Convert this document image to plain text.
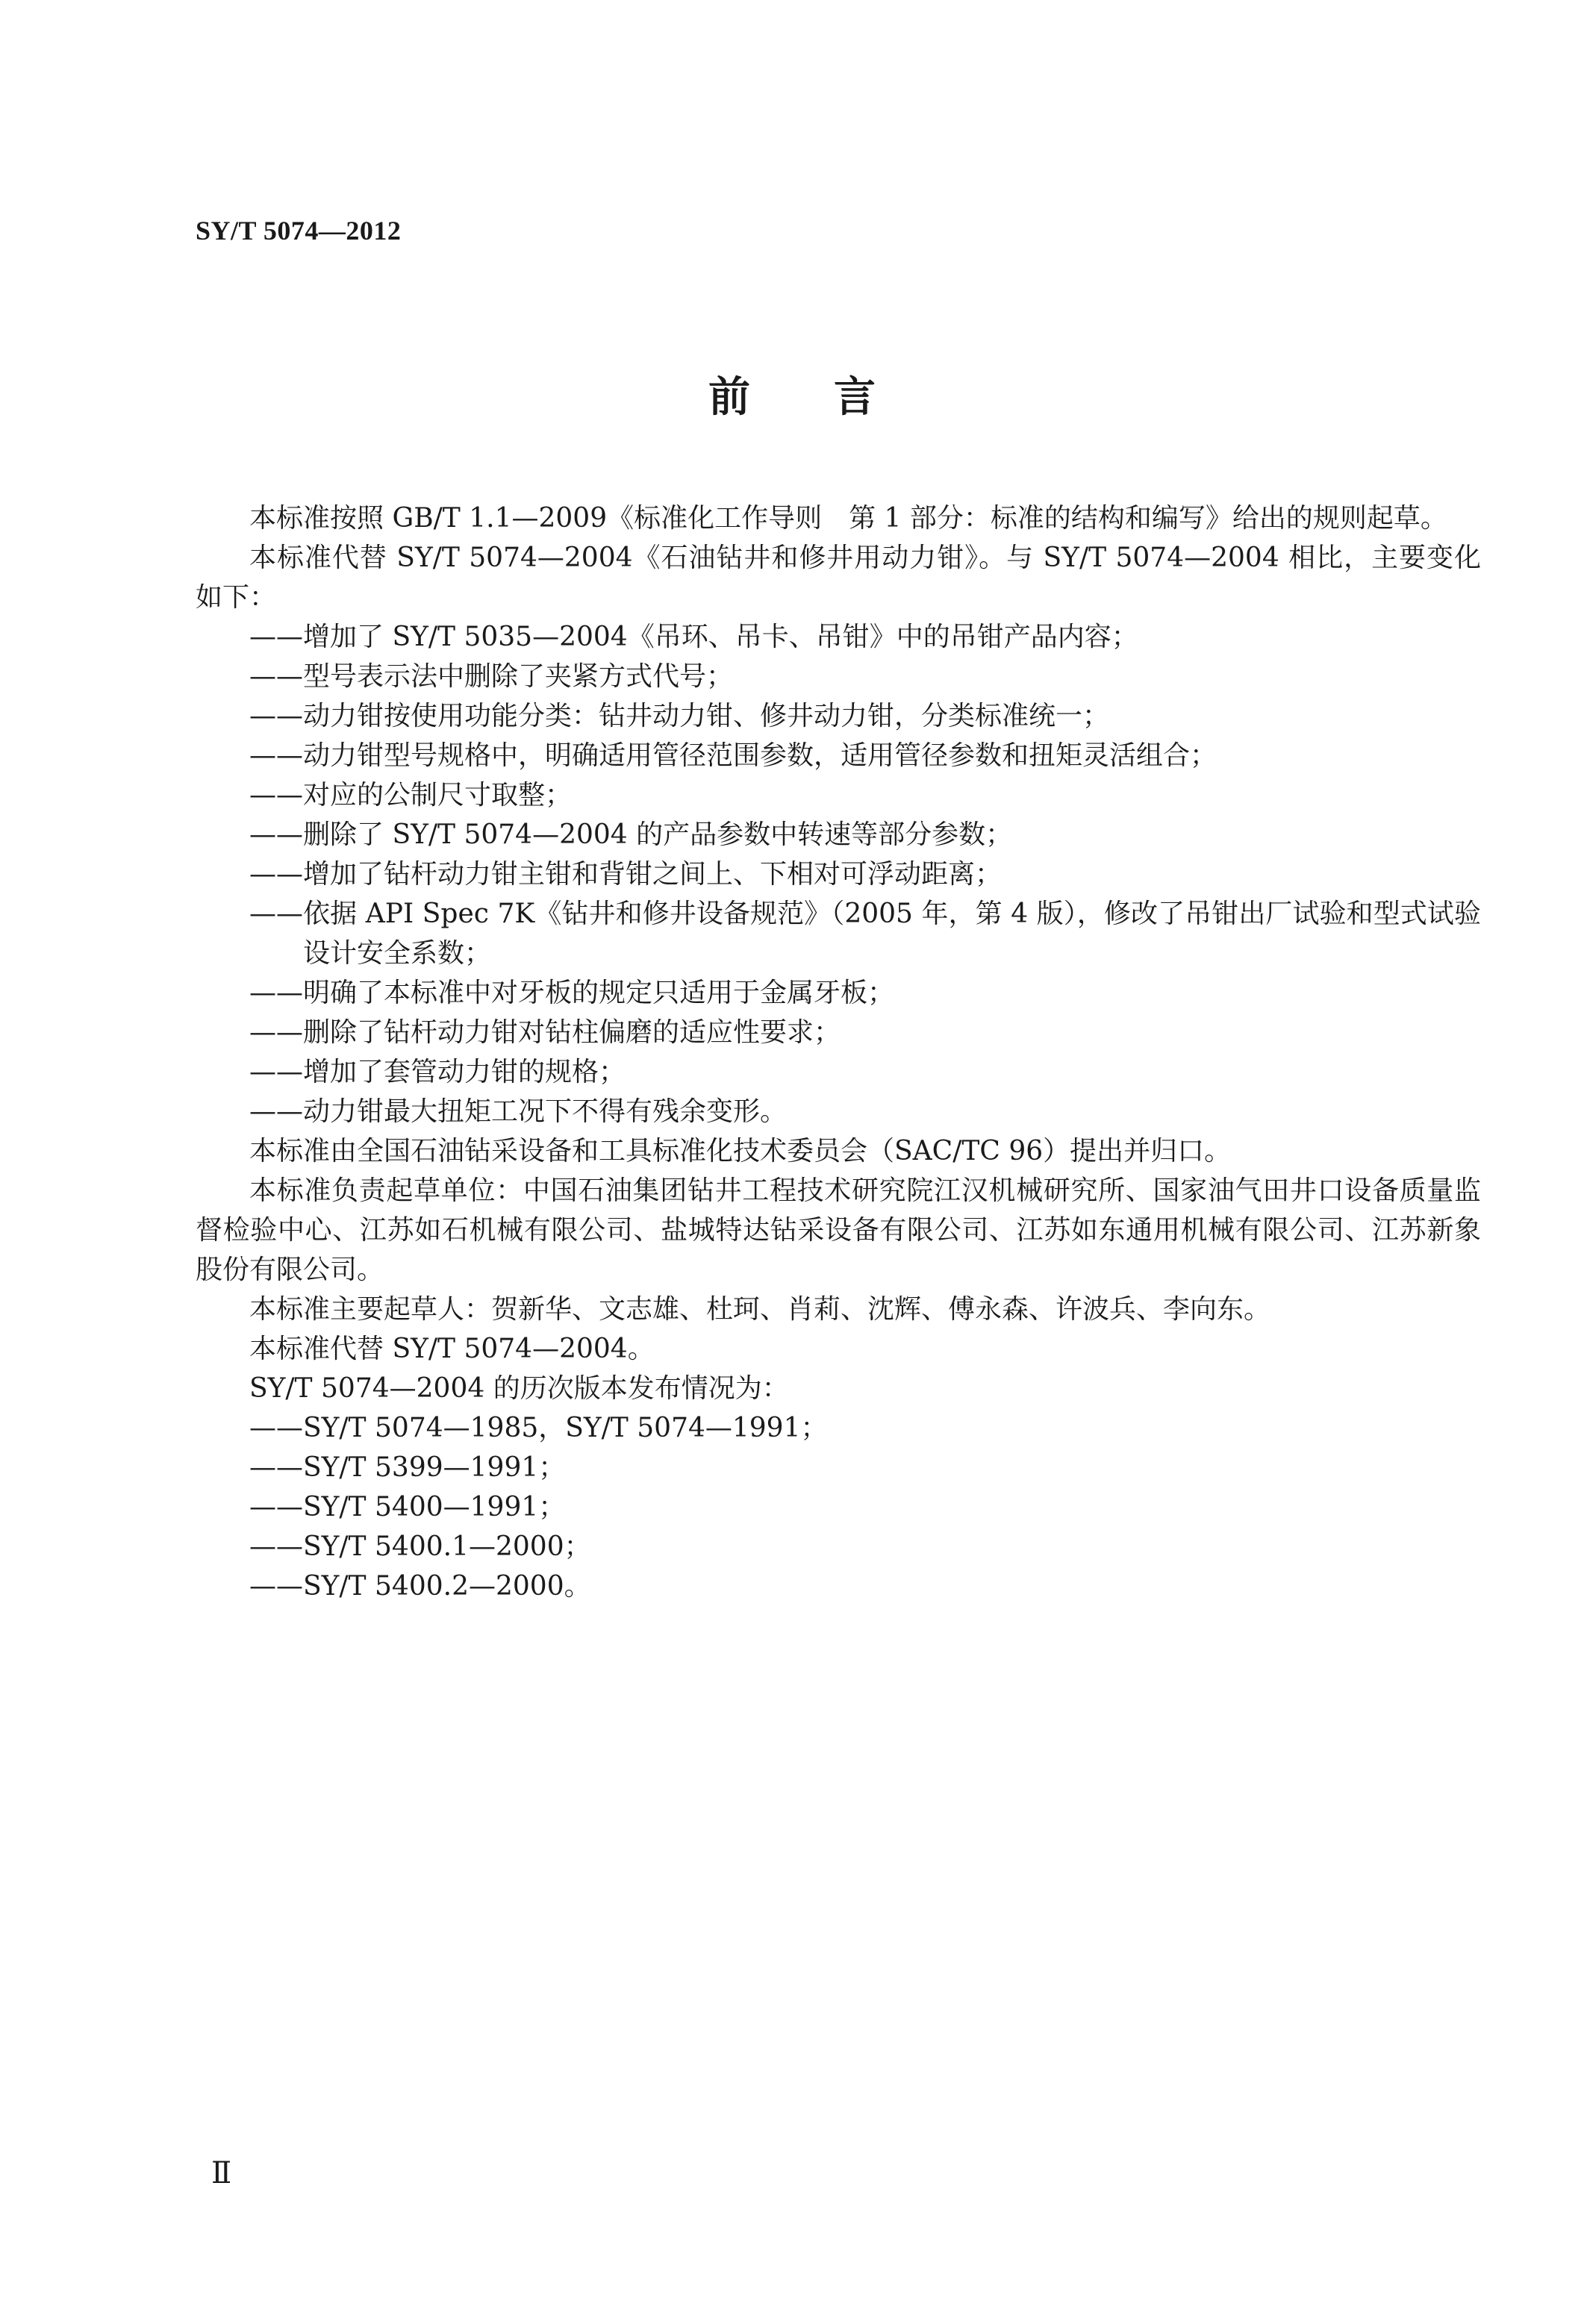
SY/T 5074—2012
前言

本标准按照 GB/T 1.1—2009《标准化工作导则　第 1 部分：标准的结构和编写》给出的规则起草。

本标准代替 SY/T 5074—2004《石油钻井和修井用动力钳》。与 SY/T 5074—2004 相比，主要变化如下：

——增加了 SY/T 5035—2004《吊环、吊卡、吊钳》中的吊钳产品内容；

——型号表示法中删除了夹紧方式代号；

——动力钳按使用功能分类：钻井动力钳、修井动力钳，分类标准统一；

——动力钳型号规格中，明确适用管径范围参数，适用管径参数和扭矩灵活组合；

——对应的公制尺寸取整；

——删除了 SY/T 5074—2004 的产品参数中转速等部分参数；

——增加了钻杆动力钳主钳和背钳之间上、下相对可浮动距离；

——依据 API Spec 7K《钻井和修井设备规范》（2005 年，第 4 版），修改了吊钳出厂试验和型式试验设计安全系数；

——明确了本标准中对牙板的规定只适用于金属牙板；

——删除了钻杆动力钳对钻柱偏磨的适应性要求；

——增加了套管动力钳的规格；

——动力钳最大扭矩工况下不得有残余变形。

本标准由全国石油钻采设备和工具标准化技术委员会（SAC/TC 96）提出并归口。

本标准负责起草单位：中国石油集团钻井工程技术研究院江汉机械研究所、国家油气田井口设备质量监督检验中心、江苏如石机械有限公司、盐城特达钻采设备有限公司、江苏如东通用机械有限公司、江苏新象股份有限公司。

本标准主要起草人：贺新华、文志雄、杜珂、肖莉、沈辉、傅永森、许波兵、李向东。

本标准代替 SY/T 5074—2004。

SY/T 5074—2004 的历次版本发布情况为：

——SY/T 5074—1985，SY/T 5074—1991；

——SY/T 5399—1991；

——SY/T 5400—1991；

——SY/T 5400.1—2000；

——SY/T 5400.2—2000。

Ⅱ
